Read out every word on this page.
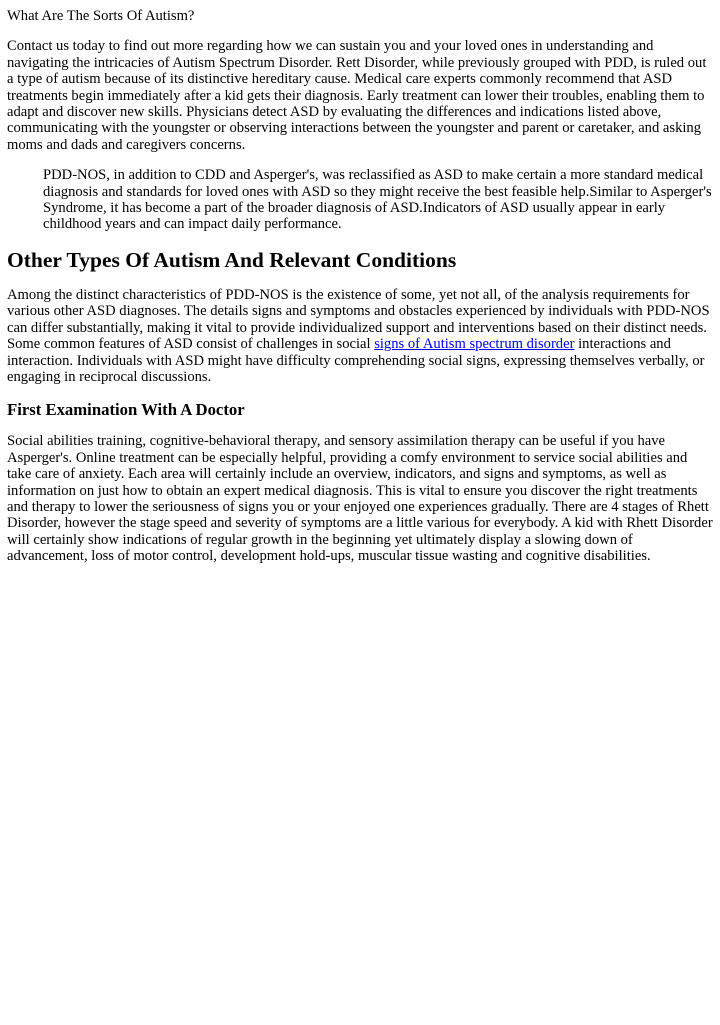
What Are The Sorts Of Autism?

Contact us today to find out more regarding how we can sustain you and your loved ones in understanding and navigating the intricacies of Autism Spectrum Disorder. Rett Disorder, while previously grouped with PDD, is ruled out a type of autism because of its distinctive hereditary cause. Medical care experts commonly recommend that ASD treatments begin immediately after a kid gets their diagnosis. Early treatment can lower their troubles, enabling them to adapt and discover new skills. Physicians detect ASD by evaluating the differences and indications listed above, communicating with the youngster or observing interactions between the youngster and parent or caretaker, and asking moms and dads and caregivers concerns.

PDD-NOS, in addition to CDD and Asperger's, was reclassified as ASD to make certain a more standard medical diagnosis and standards for loved ones with ASD so they might receive the best feasible help.Similar to Asperger's Syndrome, it has become a part of the broader diagnosis of ASD.Indicators of ASD usually appear in early childhood years and can impact daily performance.
Other Types Of Autism And Relevant Conditions

Among the distinct characteristics of PDD-NOS is the existence of some, yet not all, of the analysis requirements for various other ASD diagnoses. The details signs and symptoms and obstacles experienced by individuals with PDD-NOS can differ substantially, making it vital to provide individualized support and interventions based on their distinct needs. Some common features of ASD consist of challenges in social signs of Autism spectrum disorder interactions and interaction. Individuals with ASD might have difficulty comprehending social signs, expressing themselves verbally, or engaging in reciprocal discussions.

First Examination With A Doctor

Social abilities training, cognitive-behavioral therapy, and sensory assimilation therapy can be useful if you have Asperger's. Online treatment can be especially helpful, providing a comfy environment to service social abilities and take care of anxiety. Each area will certainly include an overview, indicators, and signs and symptoms, as well as information on just how to obtain an expert medical diagnosis. This is vital to ensure you discover the right treatments and therapy to lower the seriousness of signs you or your enjoyed one experiences gradually. There are 4 stages of Rhett Disorder, however the stage speed and severity of symptoms are a little various for everybody. A kid with Rhett Disorder will certainly show indications of regular growth in the beginning yet ultimately display a slowing down of advancement, loss of motor control, development hold-ups, muscular tissue wasting and cognitive disabilities.
